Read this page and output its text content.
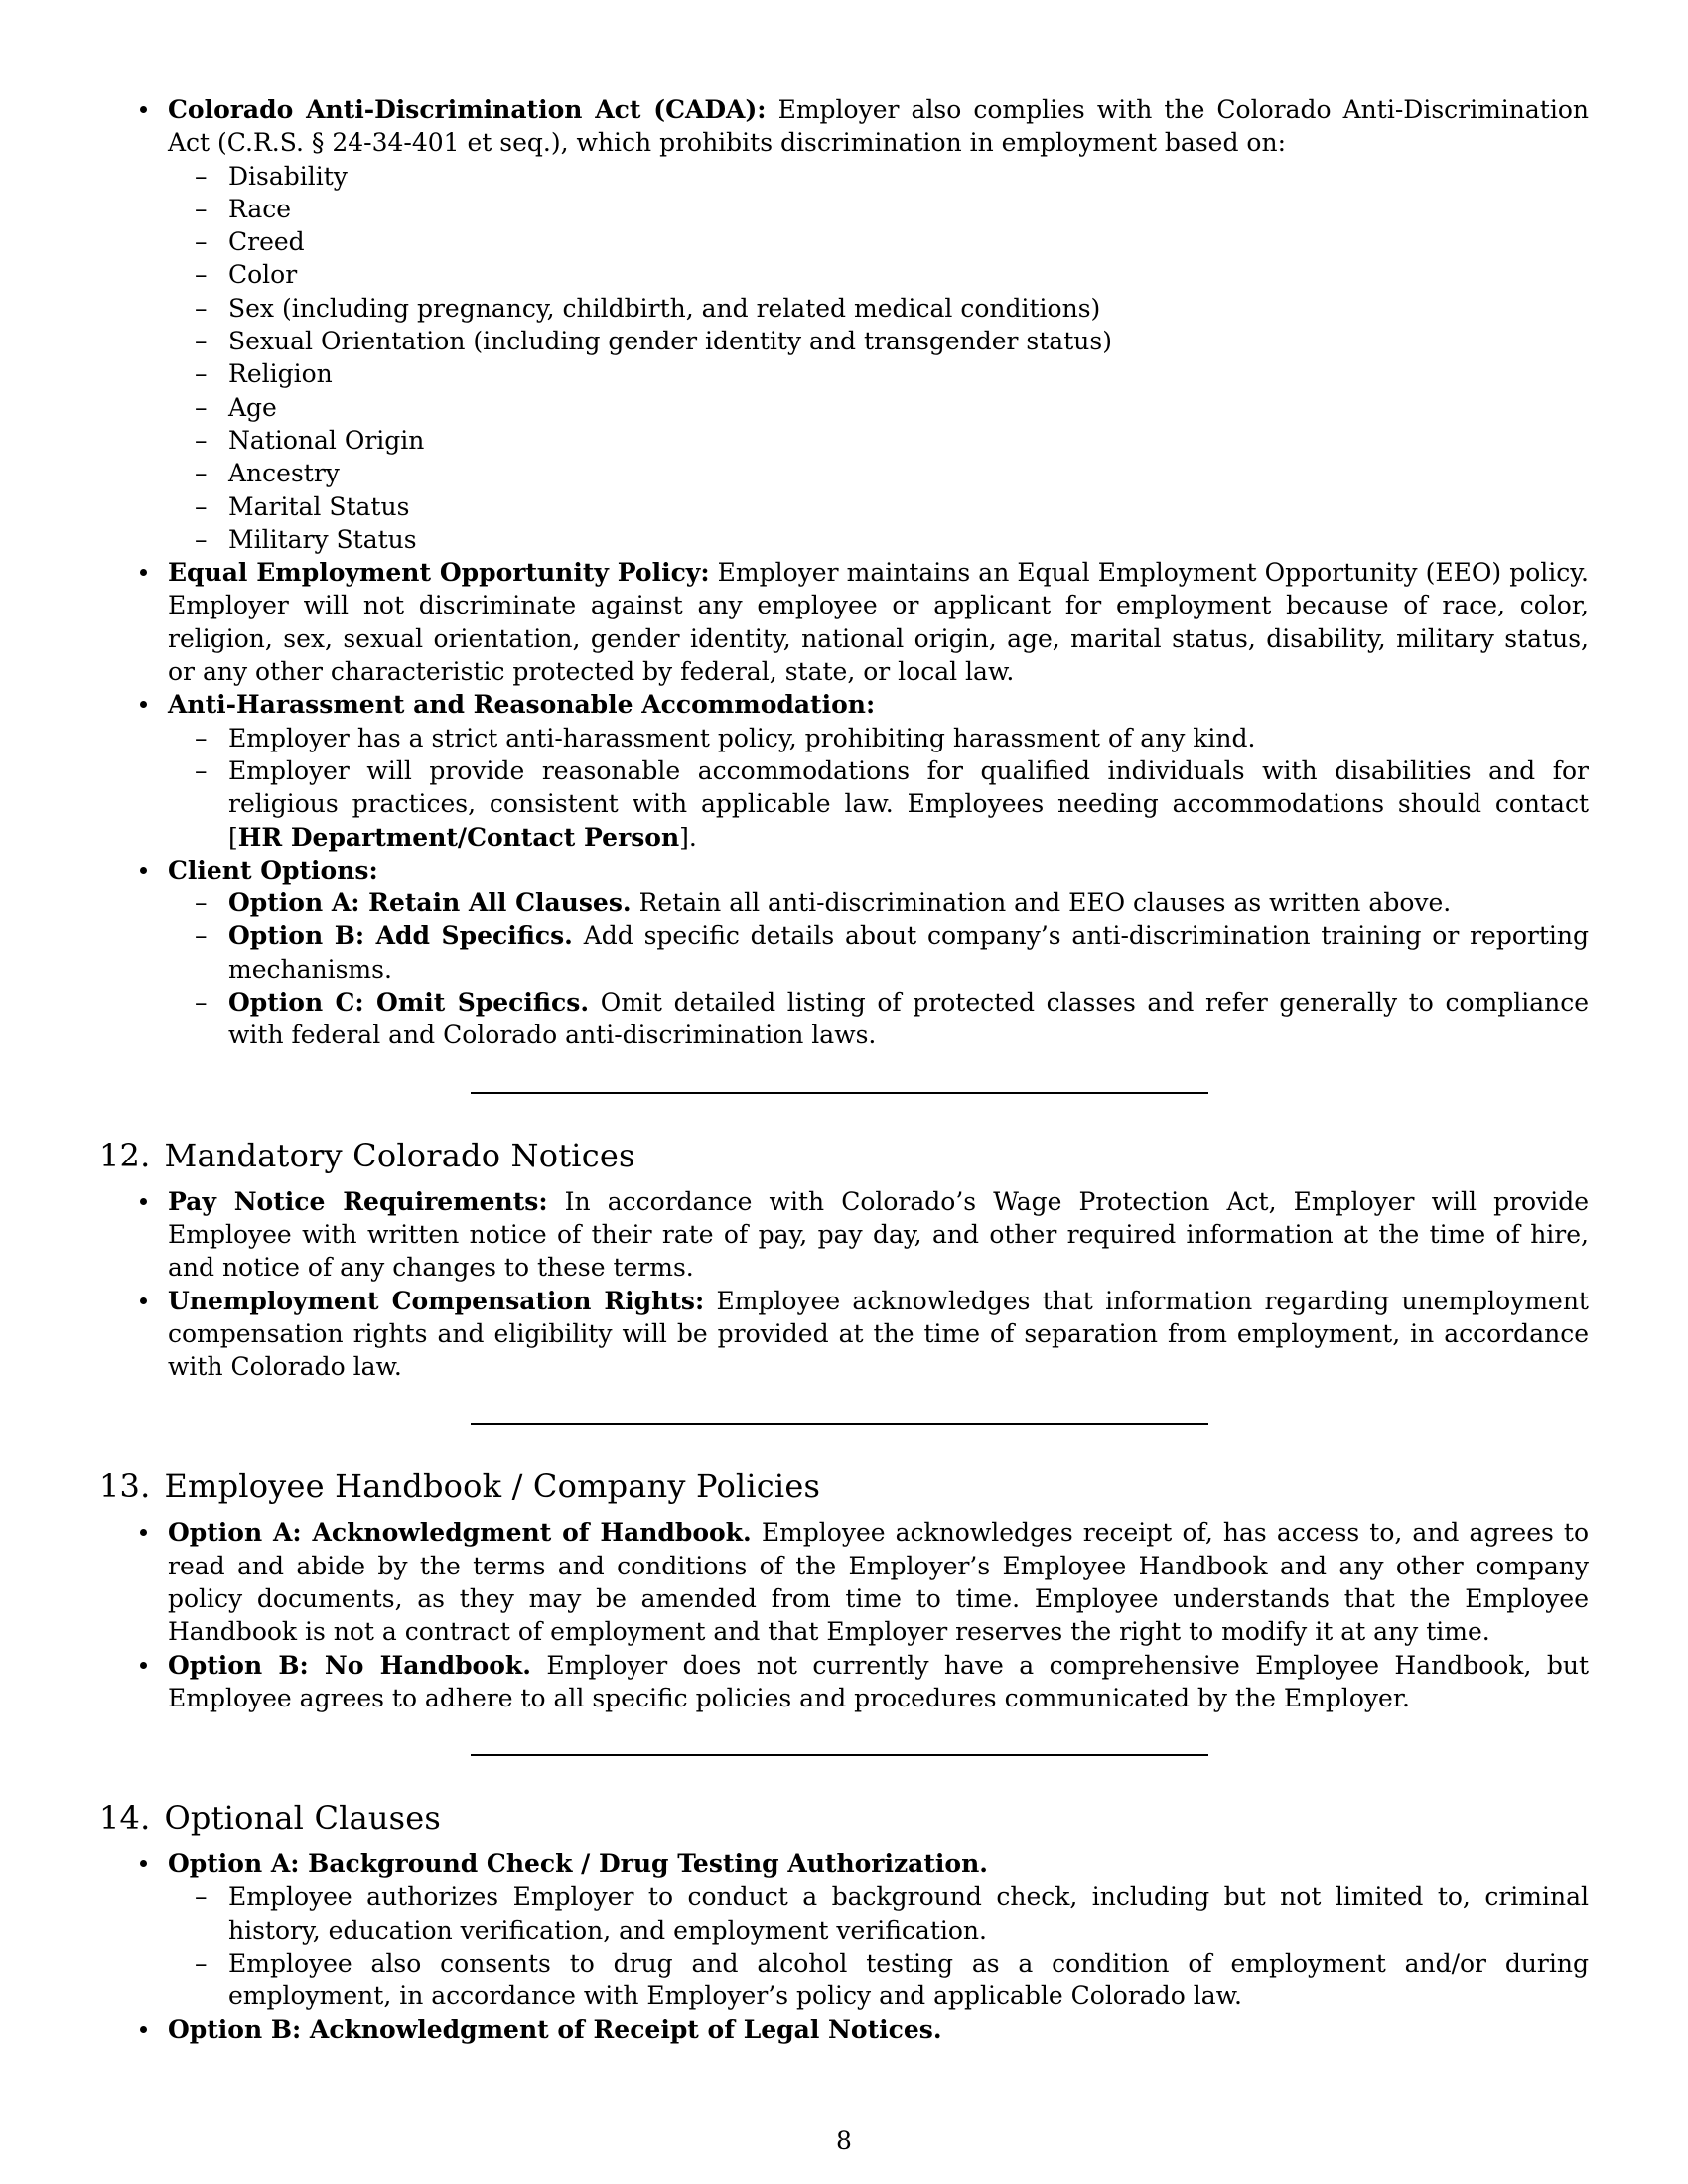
Colorado Anti-Discrimination Act (CADA): Employer also complies with the Colorado Anti-Discrimination Act (C.R.S. § 24-34-401 et seq.), which prohibits discrimination in employment based on:
– Disability
– Race
– Creed
– Color
– Sex (including pregnancy, childbirth, and related medical conditions)
– Sexual Orientation (including gender identity and transgender status)
– Religion
– Age
– National Origin
– Ancestry
– Marital Status
– Military Status
Equal Employment Opportunity Policy: Employer maintains an Equal Employment Opportunity (EEO) policy. Employer will not discriminate against any employee or applicant for employment because of race, color, religion, sex, sexual orientation, gender identity, national origin, age, marital status, disability, military status, or any other characteristic protected by federal, state, or local law.
Anti-Harassment and Reasonable Accommodation:
– Employer has a strict anti-harassment policy, prohibiting harassment of any kind.
– Employer will provide reasonable accommodations for qualified individuals with disabilities and for religious practices, consistent with applicable law. Employees needing accommodations should contact [HR Department/Contact Person].
Client Options:
– Option A: Retain All Clauses. Retain all anti-discrimination and EEO clauses as written above.
– Option B: Add Specifics. Add specific details about company’s anti-discrimination training or reporting mechanisms.
– Option C: Omit Specifics. Omit detailed listing of protected classes and refer generally to compliance with federal and Colorado anti-discrimination laws.
12. Mandatory Colorado Notices
Pay Notice Requirements: In accordance with Colorado’s Wage Protection Act, Employer will provide Employee with written notice of their rate of pay, pay day, and other required information at the time of hire, and notice of any changes to these terms.
Unemployment Compensation Rights: Employee acknowledges that information regarding unemployment compensation rights and eligibility will be provided at the time of separation from employment, in accordance with Colorado law.
13. Employee Handbook / Company Policies
Option A: Acknowledgment of Handbook. Employee acknowledges receipt of, has access to, and agrees to read and abide by the terms and conditions of the Employer’s Employee Handbook and any other company policy documents, as they may be amended from time to time. Employee understands that the Employee Handbook is not a contract of employment and that Employer reserves the right to modify it at any time.
Option B: No Handbook. Employer does not currently have a comprehensive Employee Handbook, but Employee agrees to adhere to all specific policies and procedures communicated by the Employer.
14. Optional Clauses
Option A: Background Check / Drug Testing Authorization.
– Employee authorizes Employer to conduct a background check, including but not limited to, criminal history, education verification, and employment verification.
– Employee also consents to drug and alcohol testing as a condition of employment and/or during employment, in accordance with Employer’s policy and applicable Colorado law.
Option B: Acknowledgment of Receipt of Legal Notices.
8
